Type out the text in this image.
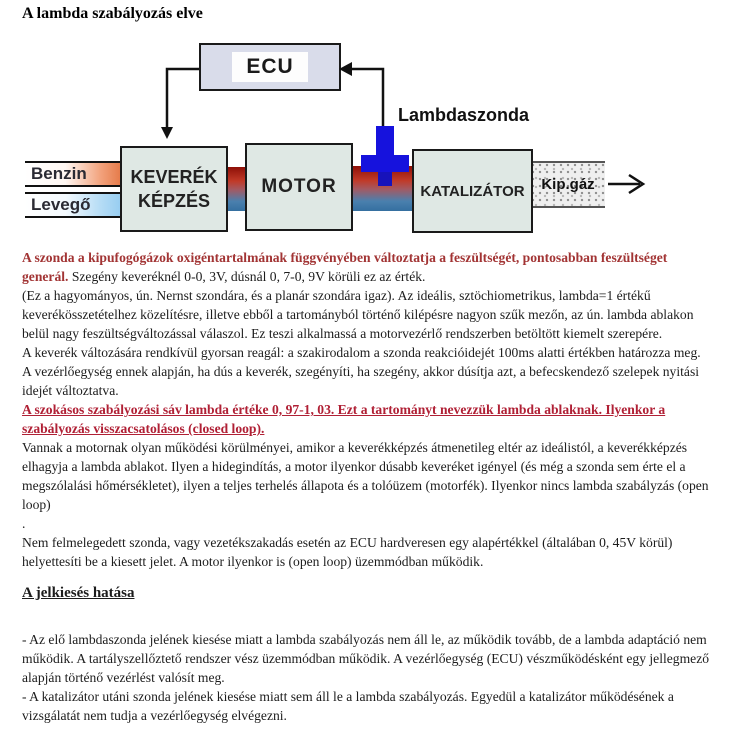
A lambda szabályozás elve
ECU
Lambdaszonda
Benzin
Levegő
KEVERÉK
KÉPZÉS
MOTOR	KATALIZÁTOR Kip.gáz

A szonda a kipufogógázok oxigéntartalmának függvényében változtatja a feszültségét, pontosabban feszültséget generál. Szegény keveréknél 0-0, 3V, dúsnál 0, 7-0, 9V körüli ez az érték.

(Ez a hagyományos, ún. Nernst szondára, és a planár szondára igaz). Az ideális, sztöchiometrikus, lambda=1 értékű keverékösszetételhez közelítésre, illetve ebből a tartományból történő kilépésre nagyon szűk mezőn, az ún. lambda ablakon belül nagy feszültségváltozással válaszol. Ez teszi alkalmassá a motorvezérlő rendszerben betöltött kiemelt szerepére.

A keverék változására rendkívül gyorsan reagál: a szakirodalom a szonda reakcióidejét 100ms alatti értékben határozza meg. A vezérlőegység ennek alapján, ha dús a keverék, szegényíti, ha szegény, akkor dúsítja azt, a befecskendező szelepek nyitási idejét változtatva.

A szokásos szabályozási sáv lambda értéke 0, 97-1, 03. Ezt a tartományt nevezzük lambda ablaknak. Ilyenkor a szabályozás visszacsatolásos (closed loop).

Vannak a motornak olyan működési körülményei, amikor a keverékképzés átmenetileg eltér az ideálistól, a keverékképzés elhagyja a lambda ablakot. Ilyen a hidegindítás, a motor ilyenkor dúsabb keveréket igényel (és még a szonda sem érte el a megszólalási hőmérsékletet), ilyen a teljes terhelés állapota és a tolóüzem (motorfék). Ilyenkor nincs lambda szabályzás (open loop)

.

Nem felmelegedett szonda, vagy vezetékszakadás esetén az ECU hardveresen egy alapértékkel (általában 0, 45V körül) helyettesíti be a kiesett jelet. A motor ilyenkor is (open loop) üzemmódban működik.

A jelkiesés hatása

- Az elő lambdaszonda jelének kiesése miatt a lambda szabályozás nem áll le, az működik tovább, de a lambda adaptáció nem működik. A tartályszellőztető rendszer vész üzemmódban működik. A vezérlőegység (ECU) vészműködésként egy jellegmező alapján történő vezérlést valósít meg.

- A katalizátor utáni szonda jelének kiesése miatt sem áll le a lambda szabályozás. Egyedül a katalizátor működésének a vizsgálatát nem tudja a vezérlőegység elvégezni.
